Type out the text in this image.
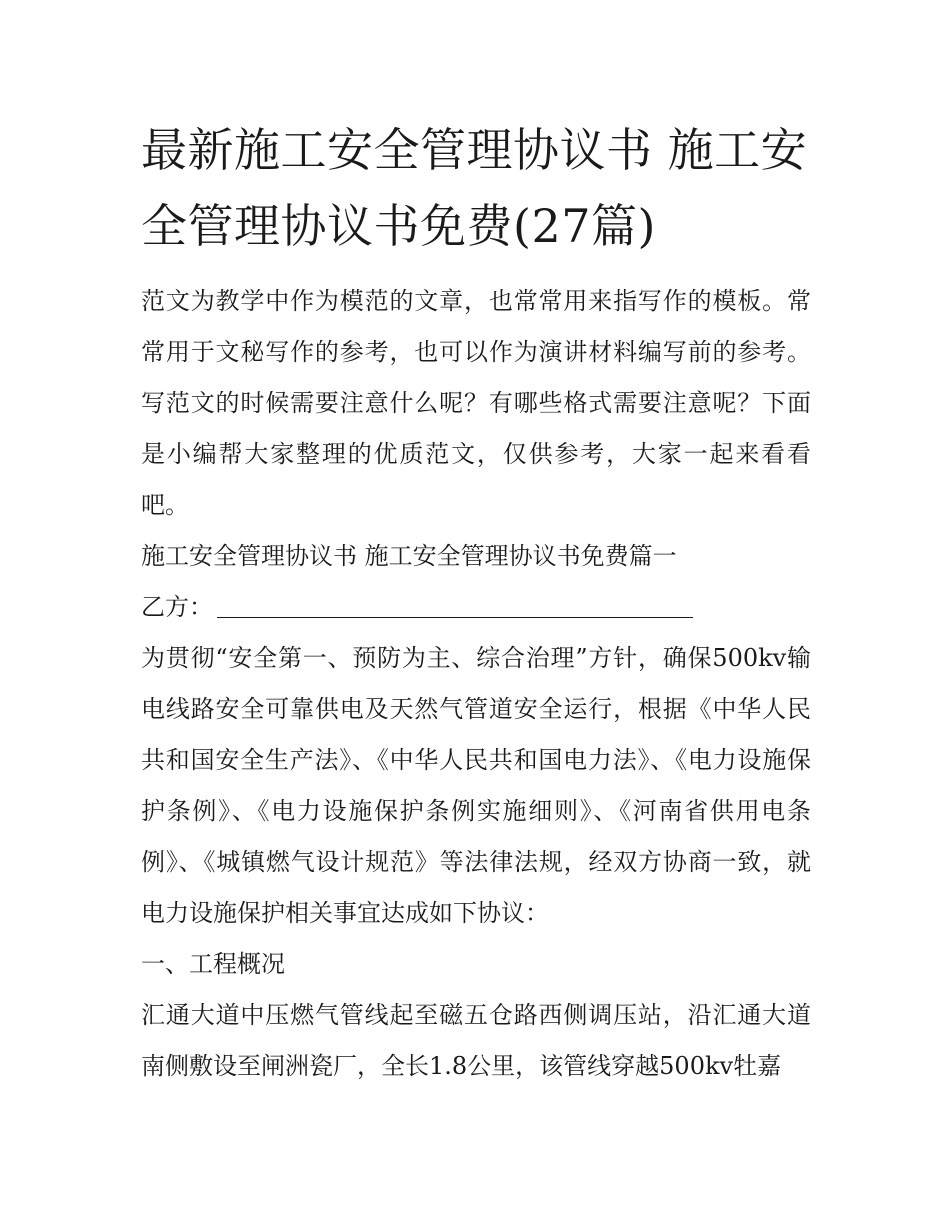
最新施工安全管理协议书 施工安全管理协议书免费(27篇)

范文为教学中作为模范的文章，也常常用来指写作的模板。常常用于文秘写作的参考，也可以作为演讲材料编写前的参考。写范文的时候需要注意什么呢？有哪些格式需要注意呢？下面是小编帮大家整理的优质范文，仅供参考，大家一起来看看吧。

施工安全管理协议书 施工安全管理协议书免费篇一

乙方：

为贯彻“安全第一、预防为主、综合治理”方针，确保500kv输电线路安全可靠供电及天然气管道安全运行，根据《中华人民共和国安全生产法》、《中华人民共和国电力法》、《电力设施保护条例》、《电力设施保护条例实施细则》、《河南省供用电条例》、《城镇燃气设计规范》等法律法规，经双方协商一致，就电力设施保护相关事宜达成如下协议：

一、工程概况

汇通大道中压燃气管线起至磁五仓路西侧调压站，沿汇通大道南侧敷设至闸洲瓷厂，全长1.8公里，该管线穿越500kv牡嘉
